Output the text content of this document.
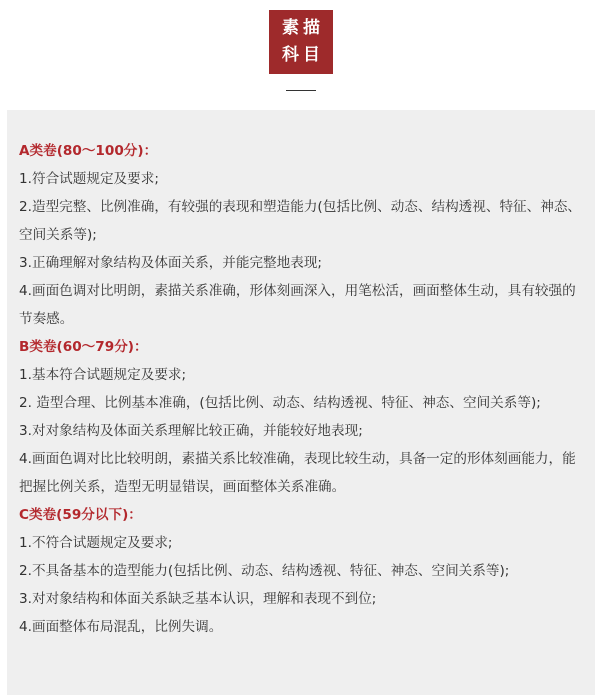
素描
科目

A类卷(80～100分)：

1.符合试题规定及要求;

2.造型完整、比例准确，有较强的表现和塑造能力(包括比例、动态、结构透视、特征、神态、空间关系等);

3.正确理解对象结构及体面关系，并能完整地表现;

4.画面色调对比明朗，素描关系准确，形体刻画深入，用笔松活，画面整体生动，具有较强的节奏感。

B类卷(60～79分)：

1.基本符合试题规定及要求;

2. 造型合理、比例基本准确，(包括比例、动态、结构透视、特征、神态、空间关系等);

3.对对象结构及体面关系理解比较正确，并能较好地表现;

4.画面色调对比比较明朗，素描关系比较准确，表现比较生动，具备一定的形体刻画能力，能把握比例关系，造型无明显错误，画面整体关系准确。

C类卷(59分以下)：

1.不符合试题规定及要求;

2.不具备基本的造型能力(包括比例、动态、结构透视、特征、神态、空间关系等);

3.对对象结构和体面关系缺乏基本认识，理解和表现不到位;

4.画面整体布局混乱，比例失调。
